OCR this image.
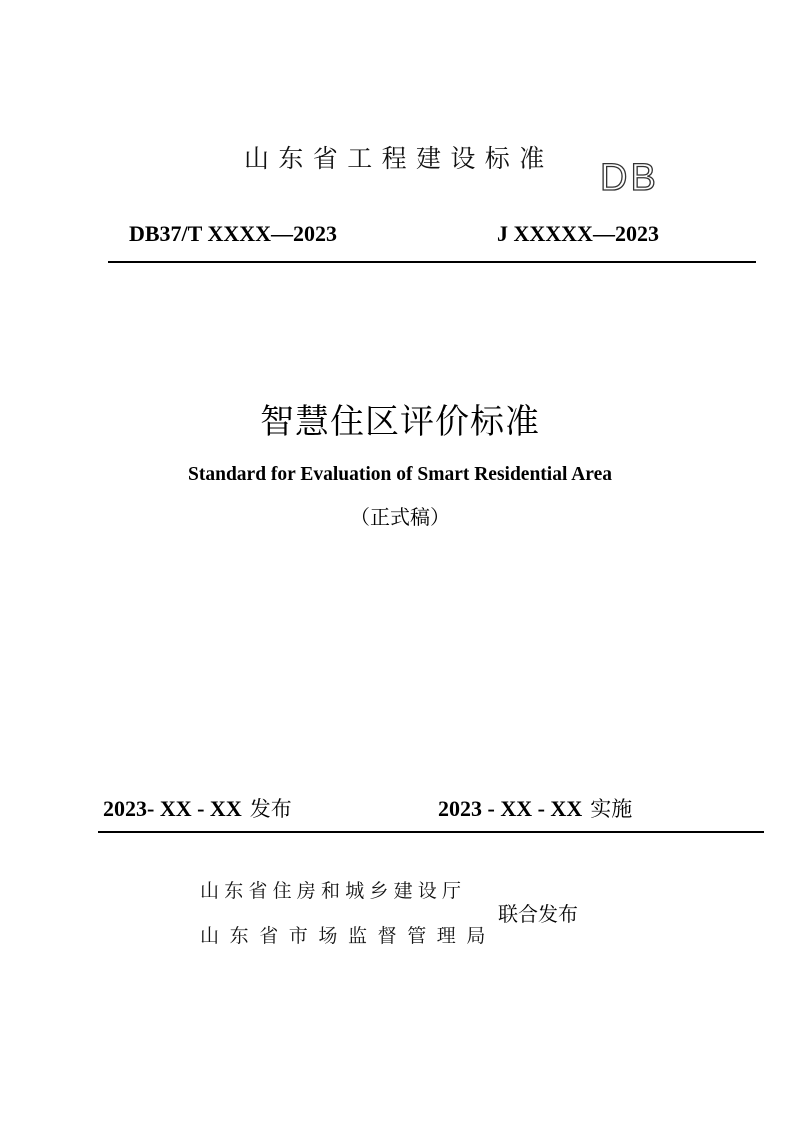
山东省工程建设标准 DB
DB37/T XXXX—2023	J XXXXX—2023
智慧住区评价标准
Standard for Evaluation of Smart Residential Area
（正式稿）
2023- XX - XX 发布	2023 - XX - XX 实施
山东省住房和城乡建设厅
山东省市场监督管理局
联合发布
